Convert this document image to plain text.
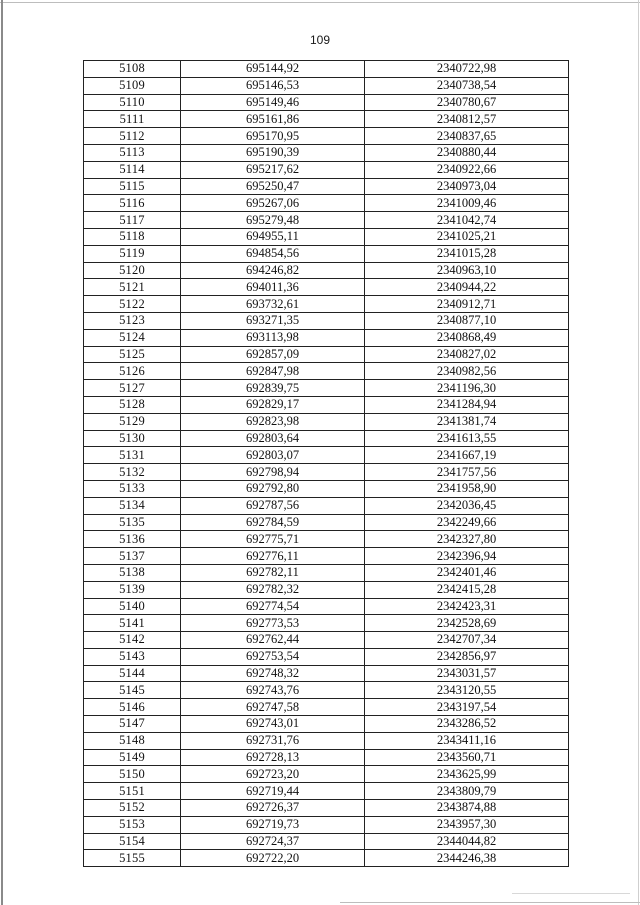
109
5108	695144,92	2340722,98
5109	695146,53	2340738,54
5110	695149,46	2340780,67
5111	695161,86	2340812,57
5112	695170,95	2340837,65
5113	695190,39	2340880,44
5114	695217,62	2340922,66
5115	695250,47	2340973,04
5116	695267,06	2341009,46
5117	695279,48	2341042,74
5118	694955,11	2341025,21
5119	694854,56	2341015,28
5120	694246,82	2340963,10
5121	694011,36	2340944,22
5122	693732,61	2340912,71
5123	693271,35	2340877,10
5124	693113,98	2340868,49
5125	692857,09	2340827,02
5126	692847,98	2340982,56
5127	692839,75	2341196,30
5128	692829,17	2341284,94
5129	692823,98	2341381,74
5130	692803,64	2341613,55
5131	692803,07	2341667,19
5132	692798,94	2341757,56
5133	692792,80	2341958,90
5134	692787,56	2342036,45
5135	692784,59	2342249,66
5136	692775,71	2342327,80
5137	692776,11	2342396,94
5138	692782,11	2342401,46
5139	692782,32	2342415,28
5140	692774,54	2342423,31
5141	692773,53	2342528,69
5142	692762,44	2342707,34
5143	692753,54	2342856,97
5144	692748,32	2343031,57
5145	692743,76	2343120,55
5146	692747,58	2343197,54
5147	692743,01	2343286,52
5148	692731,76	2343411,16
5149	692728,13	2343560,71
5150	692723,20	2343625,99
5151	692719,44	2343809,79
5152	692726,37	2343874,88
5153	692719,73	2343957,30
5154	692724,37	2344044,82
5155	692722,20	2344246,38
